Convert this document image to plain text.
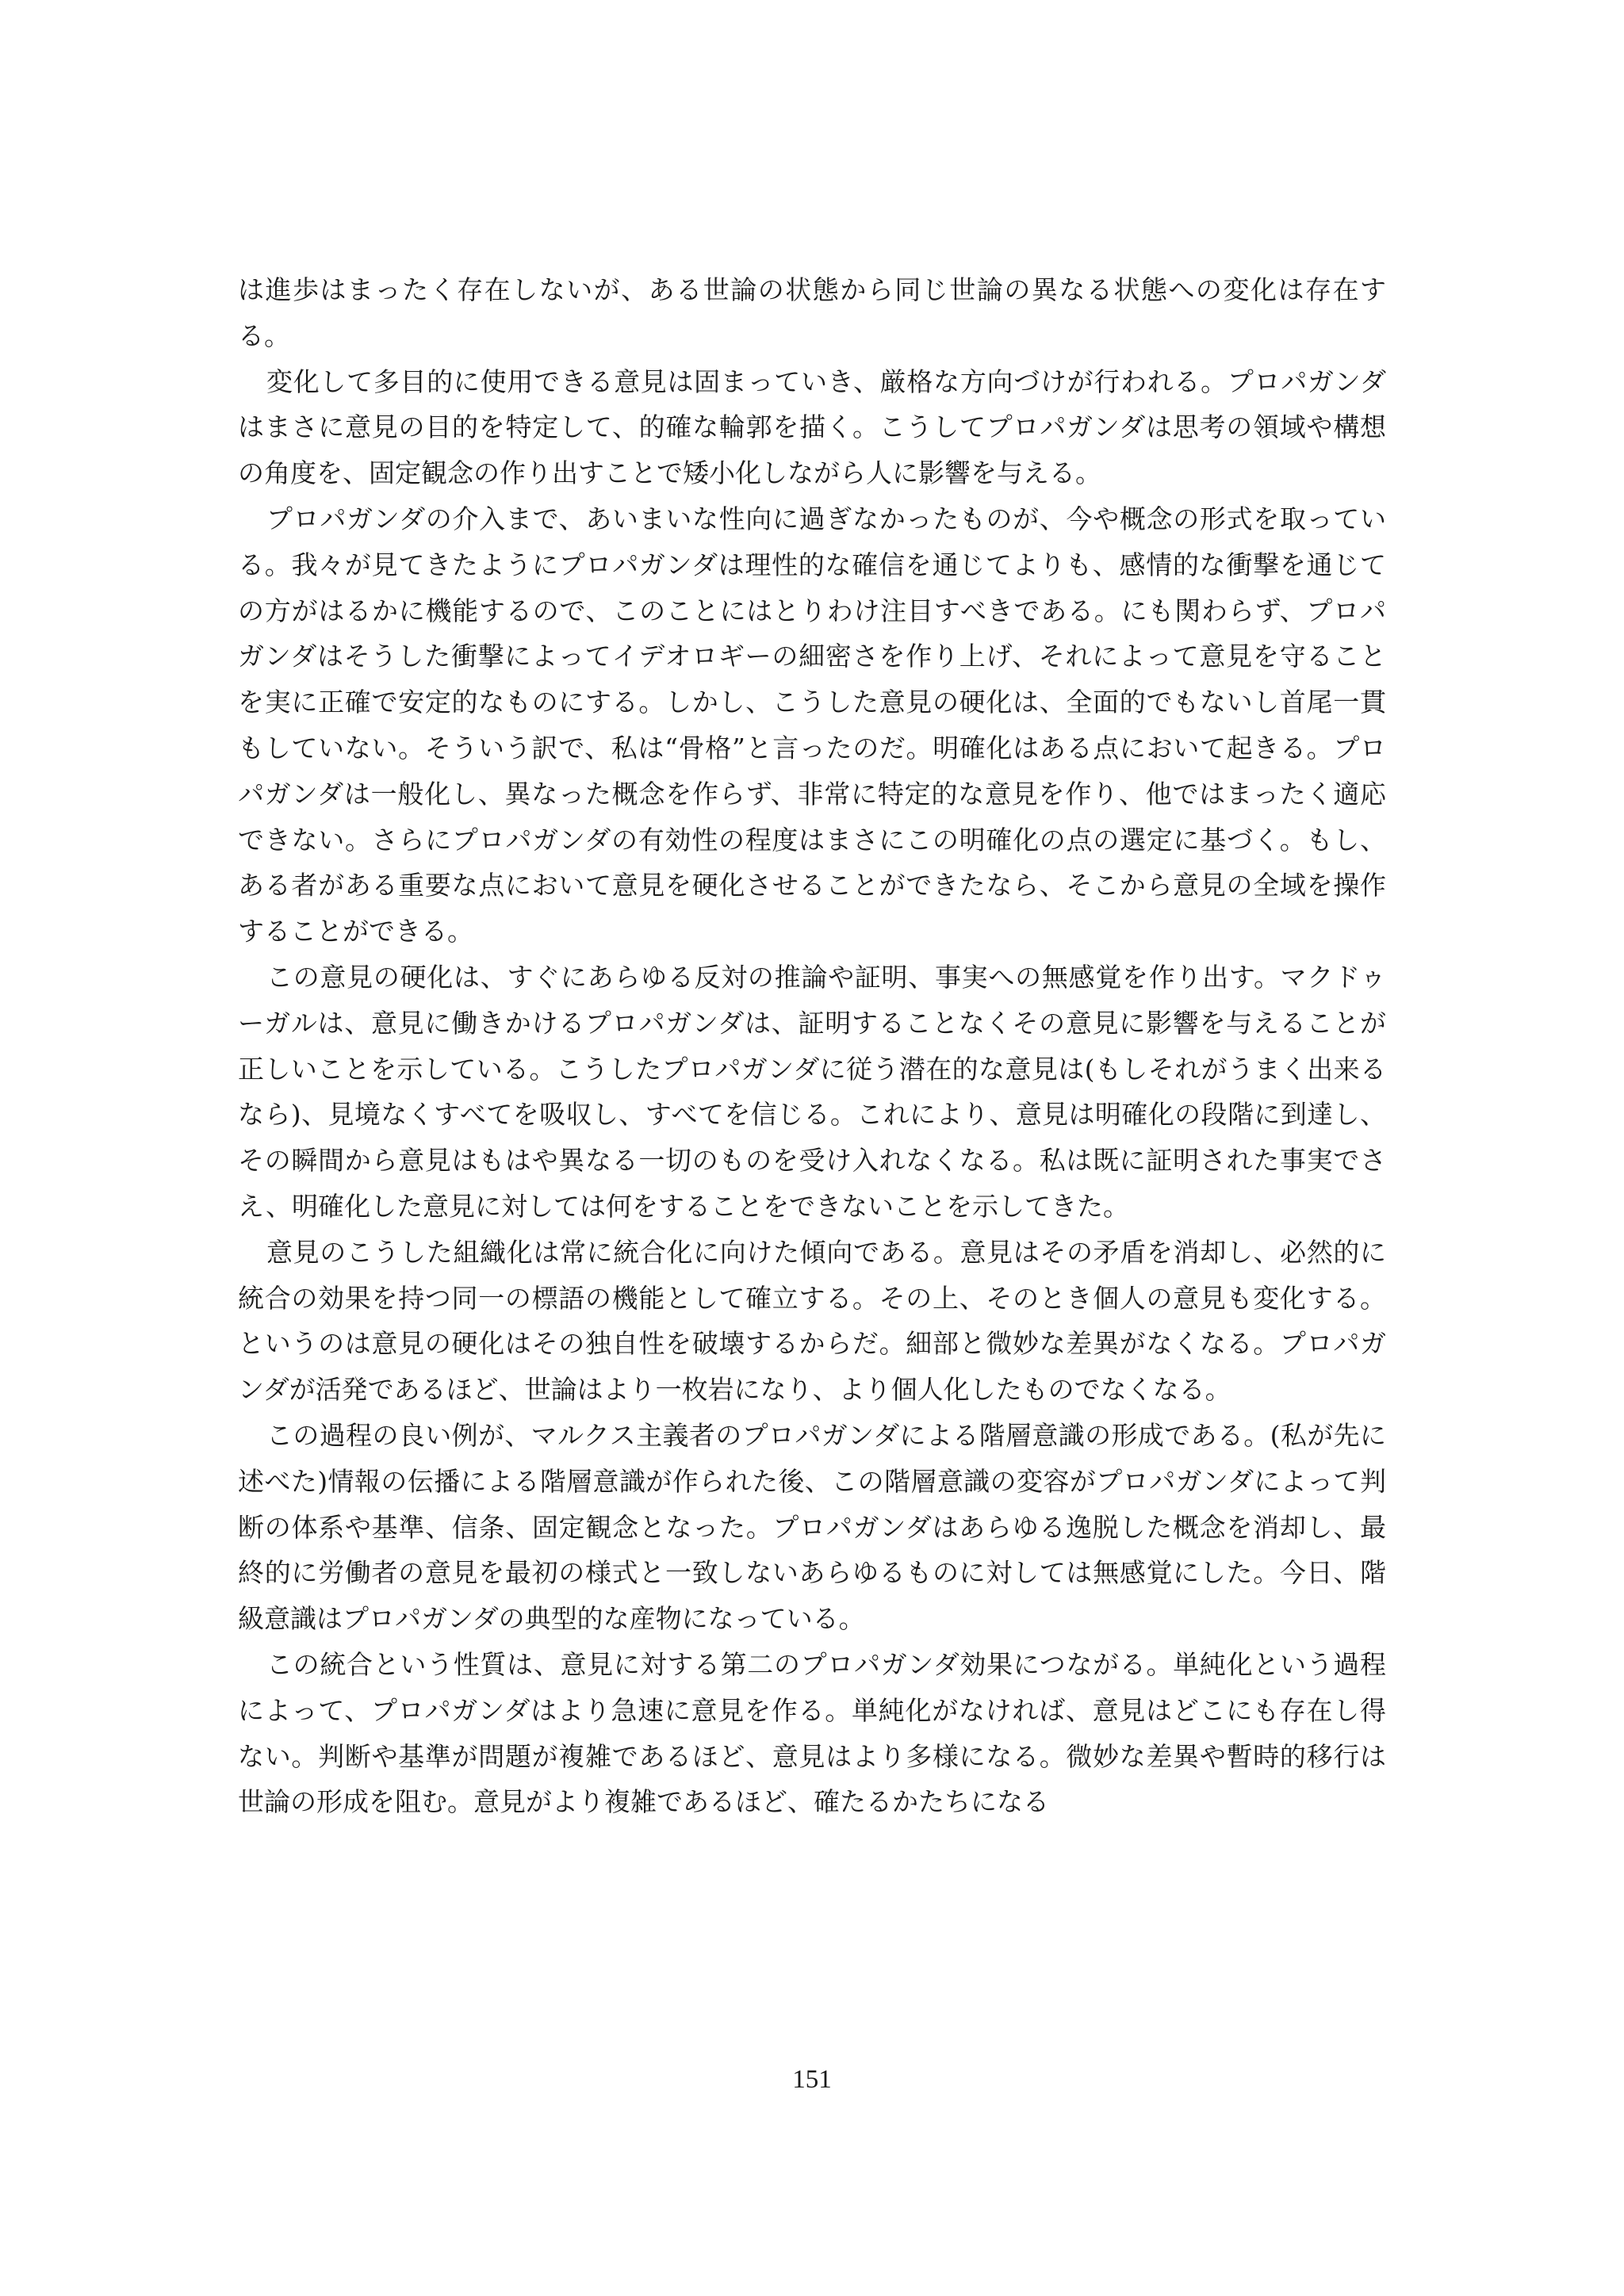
は進歩はまったく存在しないが、ある世論の状態から同じ世論の異なる状態への変化は存在する。

変化して多目的に使用できる意見は固まっていき、厳格な方向づけが行われる。プロパガンダはまさに意見の目的を特定して、的確な輪郭を描く。こうしてプロパガンダは思考の領域や構想の角度を、固定観念の作り出すことで矮小化しながら人に影響を与える。

プロパガンダの介入まで、あいまいな性向に過ぎなかったものが、今や概念の形式を取っている。我々が見てきたようにプロパガンダは理性的な確信を通じてよりも、感情的な衝撃を通じての方がはるかに機能するので、このことにはとりわけ注目すべきである。にも関わらず、プロパガンダはそうした衝撃によってイデオロギーの細密さを作り上げ、それによって意見を守ることを実に正確で安定的なものにする。しかし、こうした意見の硬化は、全面的でもないし首尾一貫もしていない。そういう訳で、私は“骨格”と言ったのだ。明確化はある点において起きる。プロパガンダは一般化し、異なった概念を作らず、非常に特定的な意見を作り、他ではまったく適応できない。さらにプロパガンダの有効性の程度はまさにこの明確化の点の選定に基づく。もし、ある者がある重要な点において意見を硬化させることができたなら、そこから意見の全域を操作することができる。

この意見の硬化は、すぐにあらゆる反対の推論や証明、事実への無感覚を作り出す。マクドゥーガルは、意見に働きかけるプロパガンダは、証明することなくその意見に影響を与えることが正しいことを示している。こうしたプロパガンダに従う潜在的な意見は(もしそれがうまく出来るなら)、見境なくすべてを吸収し、すべてを信じる。これにより、意見は明確化の段階に到達し、その瞬間から意見はもはや異なる一切のものを受け入れなくなる。私は既に証明された事実でさえ、明確化した意見に対しては何をすることをできないことを示してきた。

意見のこうした組織化は常に統合化に向けた傾向である。意見はその矛盾を消却し、必然的に統合の効果を持つ同一の標語の機能として確立する。その上、そのとき個人の意見も変化する。というのは意見の硬化はその独自性を破壊するからだ。細部と微妙な差異がなくなる。プロパガンダが活発であるほど、世論はより一枚岩になり、より個人化したものでなくなる。

この過程の良い例が、マルクス主義者のプロパガンダによる階層意識の形成である。(私が先に述べた)情報の伝播による階層意識が作られた後、この階層意識の変容がプロパガンダによって判断の体系や基準、信条、固定観念となった。プロパガンダはあらゆる逸脱した概念を消却し、最終的に労働者の意見を最初の様式と一致しないあらゆるものに対しては無感覚にした。今日、階級意識はプロパガンダの典型的な産物になっている。

この統合という性質は、意見に対する第二のプロパガンダ効果につながる。単純化という過程によって、プロパガンダはより急速に意見を作る。単純化がなければ、意見はどこにも存在し得ない。判断や基準が問題が複雑であるほど、意見はより多様になる。微妙な差異や暫時的移行は世論の形成を阻む。意見がより複雑であるほど、確たるかたちになる

151
